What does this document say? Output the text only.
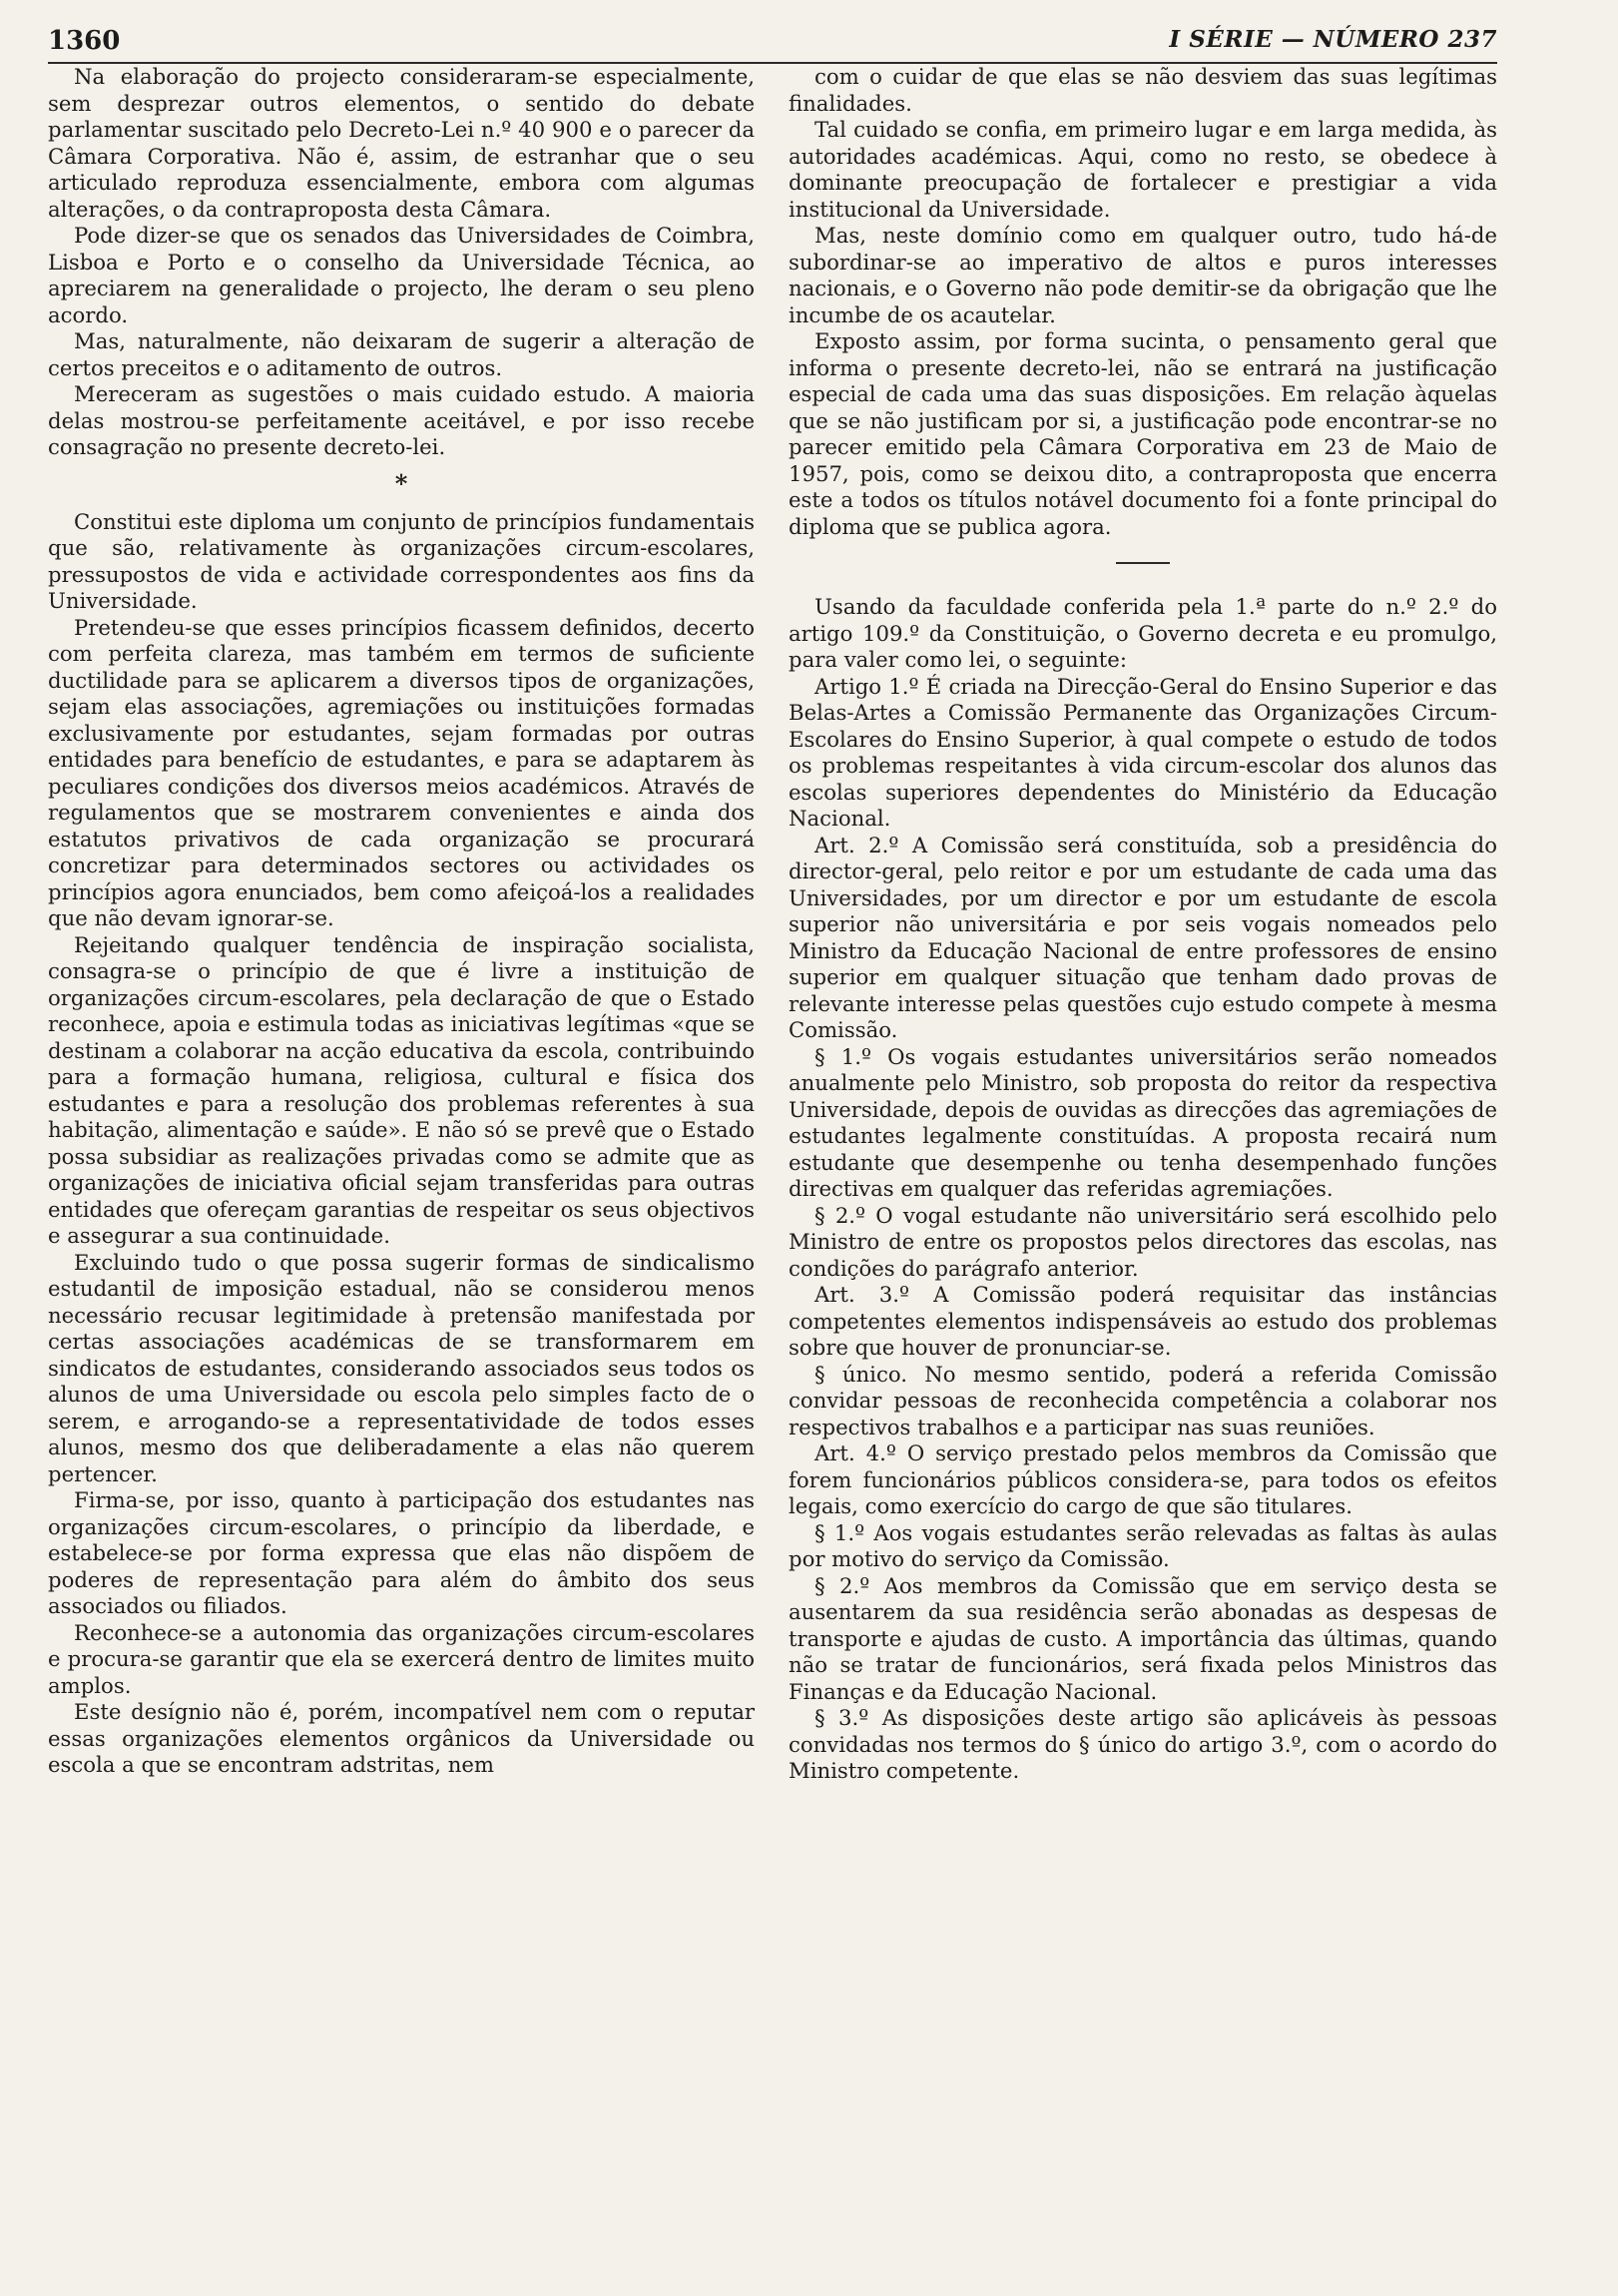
1360	I SÉRIE — NÚMERO 237

Na elaboração do projecto consideraram-se especialmente, sem desprezar outros elementos, o sentido do debate parlamentar suscitado pelo Decreto-Lei n.º 40 900 e o parecer da Câmara Corporativa. Não é, assim, de estranhar que o seu articulado reproduza essencialmente, embora com algumas alterações, o da contraproposta desta Câmara.

Pode dizer-se que os senados das Universidades de Coimbra, Lisboa e Porto e o conselho da Universidade Técnica, ao apreciarem na generalidade o projecto, lhe deram o seu pleno acordo.

Mas, naturalmente, não deixaram de sugerir a alteração de certos preceitos e o aditamento de outros.

Mereceram as sugestões o mais cuidado estudo. A maioria delas mostrou-se perfeitamente aceitável, e por isso recebe consagração no presente decreto-lei.

*

Constitui este diploma um conjunto de princípios fundamentais que são, relativamente às organizações circum-escolares, pressupostos de vida e actividade correspondentes aos fins da Universidade.

Pretendeu-se que esses princípios ficassem definidos, decerto com perfeita clareza, mas também em termos de suficiente ductilidade para se aplicarem a diversos tipos de organizações, sejam elas associações, agremiações ou instituições formadas exclusivamente por estudantes, sejam formadas por outras entidades para benefício de estudantes, e para se adaptarem às peculiares condições dos diversos meios académicos. Através de regulamentos que se mostrarem convenientes e ainda dos estatutos privativos de cada organização se procurará concretizar para determinados sectores ou actividades os princípios agora enunciados, bem como afeiçoá-los a realidades que não devam ignorar-se.

Rejeitando qualquer tendência de inspiração socialista, consagra-se o princípio de que é livre a instituição de organizações circum-escolares, pela declaração de que o Estado reconhece, apoia e estimula todas as iniciativas legítimas «que se destinam a colaborar na acção educativa da escola, contribuindo para a formação humana, religiosa, cultural e física dos estudantes e para a resolução dos problemas referentes à sua habitação, alimentação e saúde». E não só se prevê que o Estado possa subsidiar as realizações privadas como se admite que as organizações de iniciativa oficial sejam transferidas para outras entidades que ofereçam garantias de respeitar os seus objectivos e assegurar a sua continuidade.

Excluindo tudo o que possa sugerir formas de sindicalismo estudantil de imposição estadual, não se considerou menos necessário recusar legitimidade à pretensão manifestada por certas associações académicas de se transformarem em sindicatos de estudantes, considerando associados seus todos os alunos de uma Universidade ou escola pelo simples facto de o serem, e arrogando-se a representatividade de todos esses alunos, mesmo dos que deliberadamente a elas não querem pertencer.

Firma-se, por isso, quanto à participação dos estudantes nas organizações circum-escolares, o princípio da liberdade, e estabelece-se por forma expressa que elas não dispõem de poderes de representação para além do âmbito dos seus associados ou filiados.

Reconhece-se a autonomia das organizações circum-escolares e procura-se garantir que ela se exercerá dentro de limites muito amplos.

Este desígnio não é, porém, incompatível nem com o reputar essas organizações elementos orgânicos da Universidade ou escola a que se encontram adstritas, nem

com o cuidar de que elas se não desviem das suas legítimas finalidades.

Tal cuidado se confia, em primeiro lugar e em larga medida, às autoridades académicas. Aqui, como no resto, se obedece à dominante preocupação de fortalecer e prestigiar a vida institucional da Universidade.

Mas, neste domínio como em qualquer outro, tudo há-de subordinar-se ao imperativo de altos e puros interesses nacionais, e o Governo não pode demitir-se da obrigação que lhe incumbe de os acautelar.

Exposto assim, por forma sucinta, o pensamento geral que informa o presente decreto-lei, não se entrará na justificação especial de cada uma das suas disposições. Em relação àquelas que se não justificam por si, a justificação pode encontrar-se no parecer emitido pela Câmara Corporativa em 23 de Maio de 1957, pois, como se deixou dito, a contraproposta que encerra este a todos os títulos notável documento foi a fonte principal do diploma que se publica agora.

Usando da faculdade conferida pela 1.ª parte do n.º 2.º do artigo 109.º da Constituição, o Governo decreta e eu promulgo, para valer como lei, o seguinte:

Artigo 1.º É criada na Direcção-Geral do Ensino Superior e das Belas-Artes a Comissão Permanente das Organizações Circum-Escolares do Ensino Superior, à qual compete o estudo de todos os problemas respeitantes à vida circum-escolar dos alunos das escolas superiores dependentes do Ministério da Educação Nacional.

Art. 2.º A Comissão será constituída, sob a presidência do director-geral, pelo reitor e por um estudante de cada uma das Universidades, por um director e por um estudante de escola superior não universitária e por seis vogais nomeados pelo Ministro da Educação Nacional de entre professores de ensino superior em qualquer situação que tenham dado provas de relevante interesse pelas questões cujo estudo compete à mesma Comissão.

§ 1.º Os vogais estudantes universitários serão nomeados anualmente pelo Ministro, sob proposta do reitor da respectiva Universidade, depois de ouvidas as direcções das agremiações de estudantes legalmente constituídas. A proposta recairá num estudante que desempenhe ou tenha desempenhado funções directivas em qualquer das referidas agremiações.

§ 2.º O vogal estudante não universitário será escolhido pelo Ministro de entre os propostos pelos directores das escolas, nas condições do parágrafo anterior.

Art. 3.º A Comissão poderá requisitar das instâncias competentes elementos indispensáveis ao estudo dos problemas sobre que houver de pronunciar-se.

§ único. No mesmo sentido, poderá a referida Comissão convidar pessoas de reconhecida competência a colaborar nos respectivos trabalhos e a participar nas suas reuniões.

Art. 4.º O serviço prestado pelos membros da Comissão que forem funcionários públicos considera-se, para todos os efeitos legais, como exercício do cargo de que são titulares.

§ 1.º Aos vogais estudantes serão relevadas as faltas às aulas por motivo do serviço da Comissão.

§ 2.º Aos membros da Comissão que em serviço desta se ausentarem da sua residência serão abonadas as despesas de transporte e ajudas de custo. A importância das últimas, quando não se tratar de funcionários, será fixada pelos Ministros das Finanças e da Educação Nacional.

§ 3.º As disposições deste artigo são aplicáveis às pessoas convidadas nos termos do § único do artigo 3.º, com o acordo do Ministro competente.
